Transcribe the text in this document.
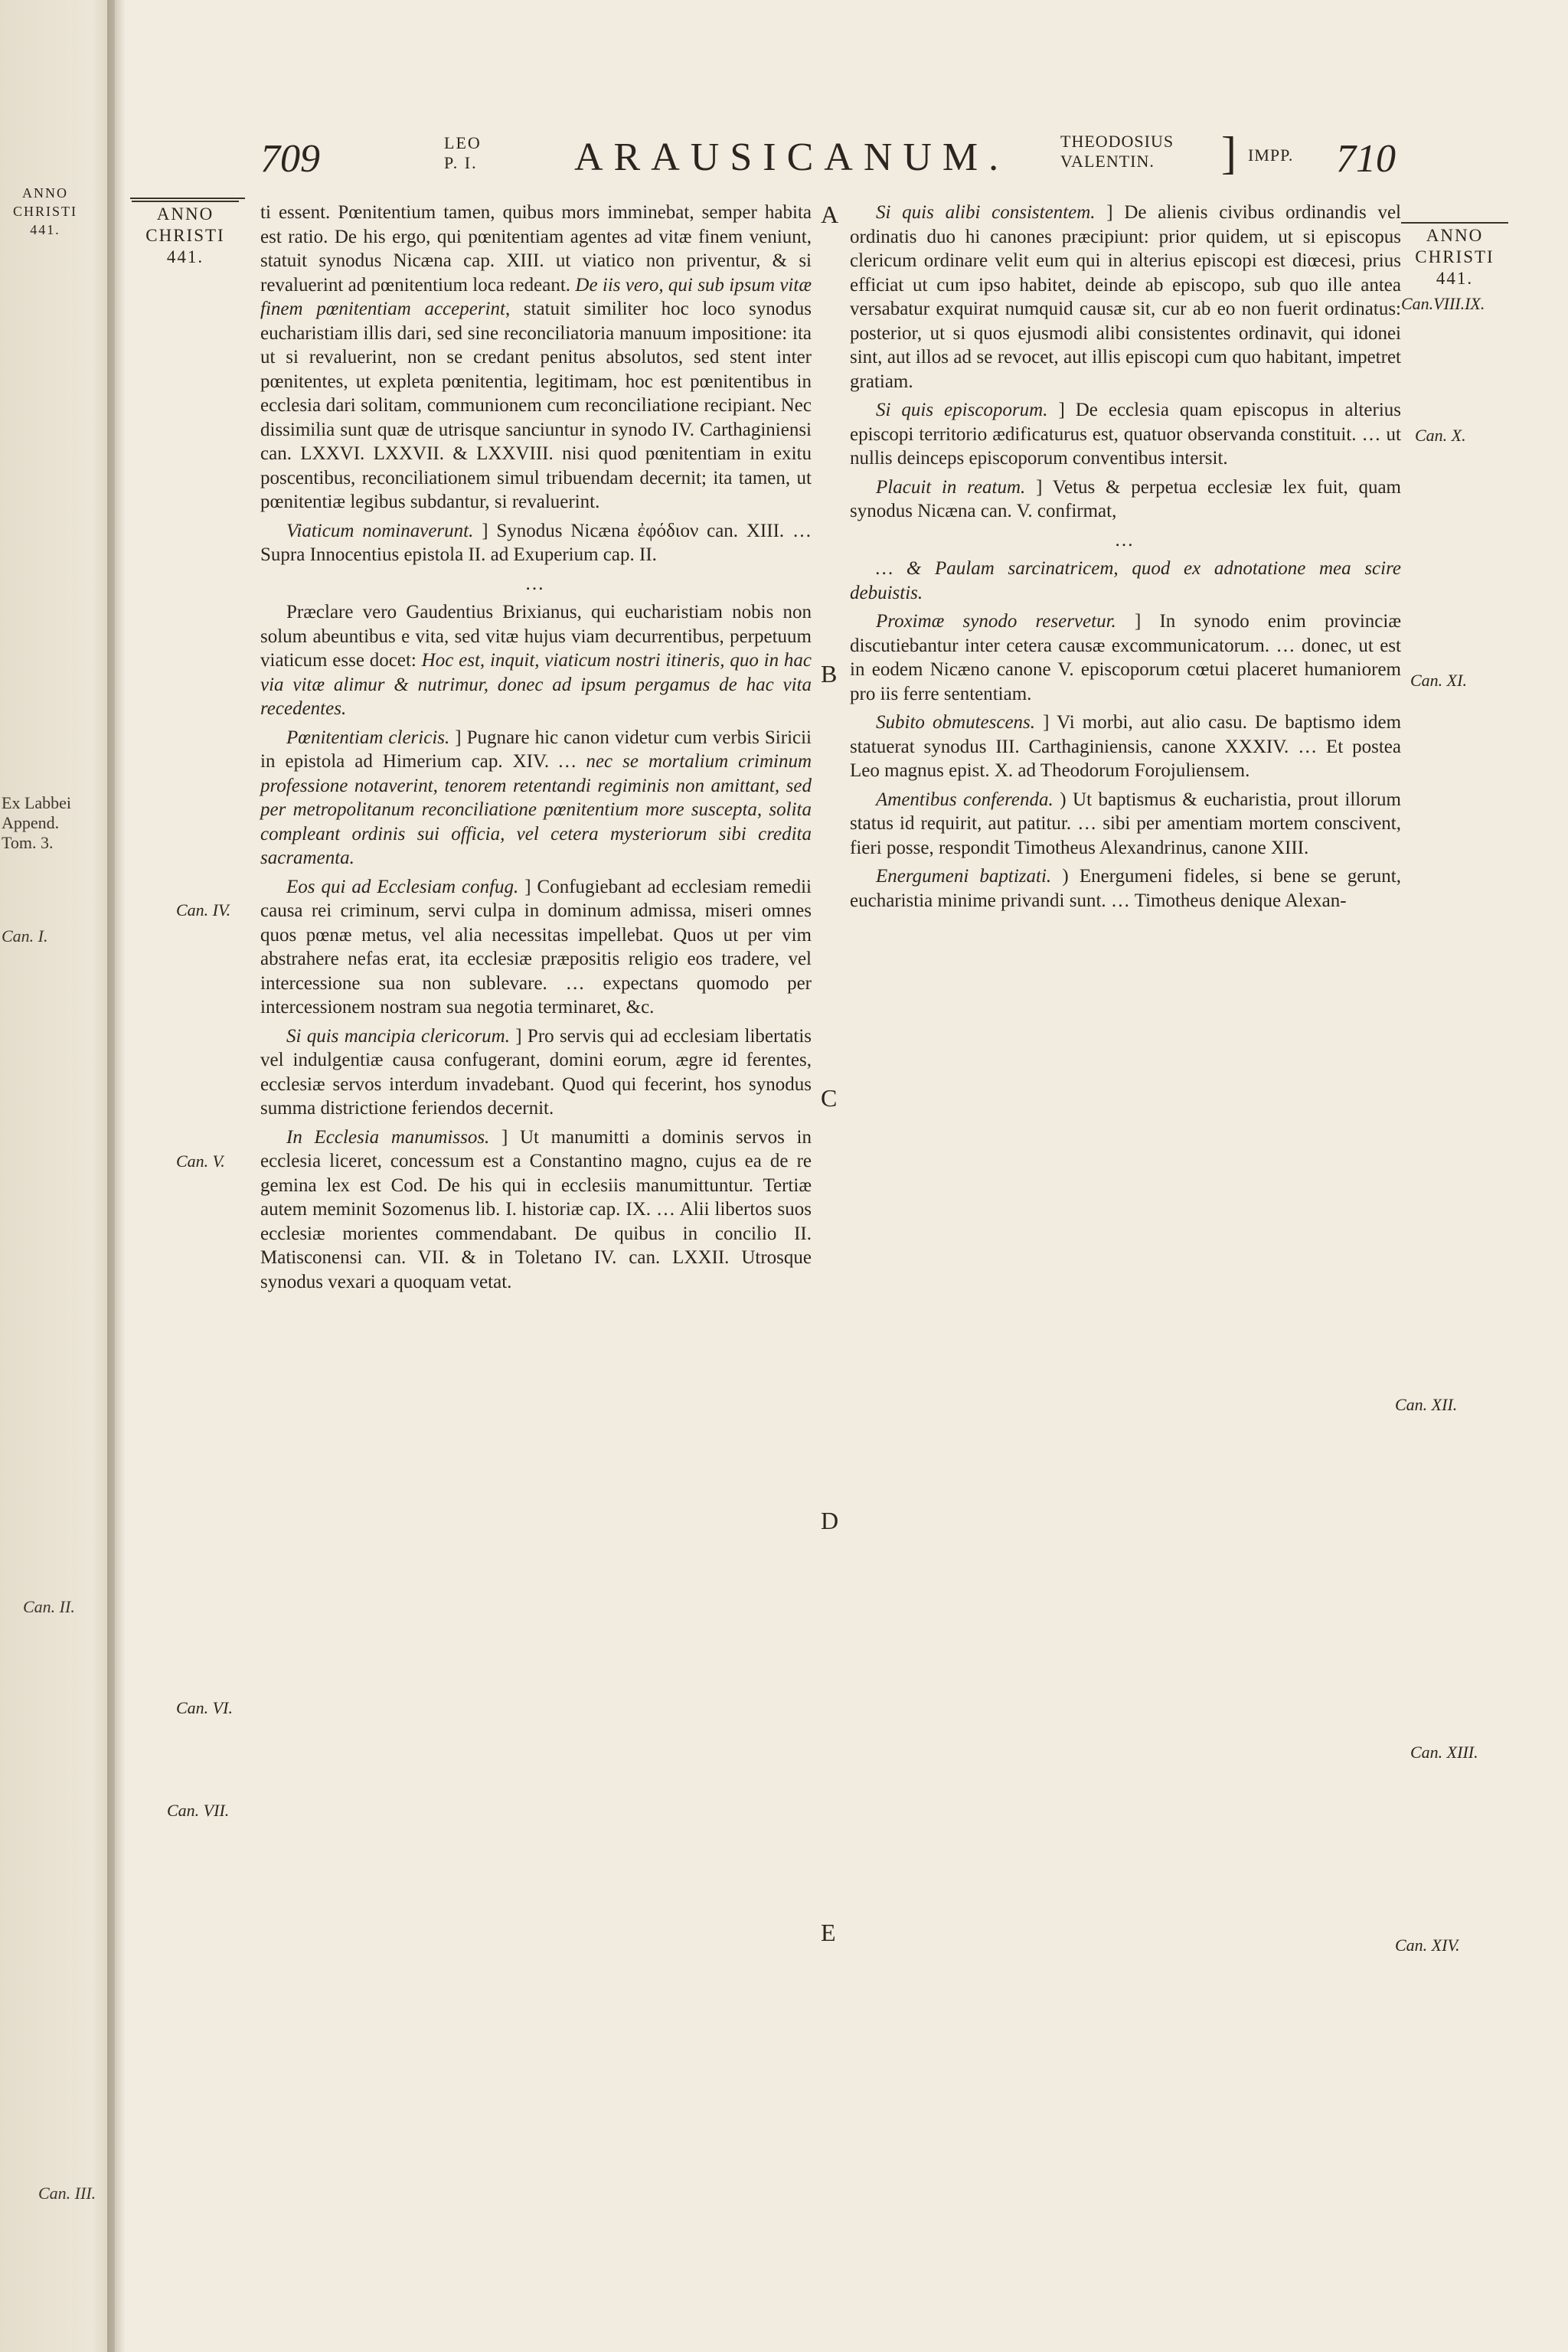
ANNO
CHRISTI
441.
Ex Labbei
Append.
Tom. 3.
Can. I.
Can. II.
Can. III.
709	LEO
P. I. ARAUSICANUM.	THEODOSIUS
VALENTIN.	] IMPP. 710
ANNO
CHRISTI
441.
ANNO
CHRISTI
441.
Can. IV.
Can. V.
Can. VI.
Can. VII.
Can.VIII.IX.
Can. X.
Can. XI.
Can. XII.
Can. XIII.
Can. XIV.
A
B
C
D
E

ti essent. Pœnitentium tamen, quibus mors imminebat, semper habita est ratio. De his ergo, qui pœnitentiam agentes ad vitæ finem veniunt, statuit synodus Nicæna cap. XIII. ut viatico non priventur, & si revaluerint ad pœnitentium loca redeant. De iis vero, qui sub ipsum vitæ finem pœnitentiam acceperint, statuit similiter hoc loco synodus eucharistiam illis dari, sed sine reconciliatoria manuum impositione: ita ut si revaluerint, non se credant penitus absolutos, sed stent inter pœnitentes, ut expleta pœnitentia, legitimam, hoc est pœnitentibus in ecclesia dari solitam, communionem cum reconciliatione recipiant. Nec dissimilia sunt quæ de utrisque sanciuntur in synodo IV. Carthaginiensi can. LXXVI. LXXVII. & LXXVIII. nisi quod pœnitentiam in exitu poscentibus, reconciliationem simul tribuendam decernit; ita tamen, ut pœnitentiæ legibus subdantur, si revaluerint.

Viaticum nominaverunt. ] Synodus Nicæna ἐφόδιον can. XIII. … Supra Innocentius epistola II. ad Exuperium cap. II.

…

Præclare vero Gaudentius Brixianus, qui eucharistiam nobis non solum abeuntibus e vita, sed vitæ hujus viam decurrentibus, perpetuum viaticum esse docet: Hoc est, inquit, viaticum nostri itineris, quo in hac via vitæ alimur & nutrimur, donec ad ipsum pergamus de hac vita recedentes.

Pœnitentiam clericis. ] Pugnare hic canon videtur cum verbis Siricii in epistola ad Himerium cap. XIV. … nec se mortalium criminum professione notaverint, tenorem retentandi regiminis non amittant, sed per metropolitanum reconciliatione pœnitentium more suscepta, solita compleant ordinis sui officia, vel cetera mysteriorum sibi credita sacramenta.

Eos qui ad Ecclesiam confug. ] Confugiebant ad ecclesiam remedii causa rei criminum, servi culpa in dominum admissa, miseri omnes quos pœnæ metus, vel alia necessitas impellebat. Quos ut per vim abstrahere nefas erat, ita ecclesiæ præpositis religio eos tradere, vel intercessione sua non sublevare. … expectans quomodo per intercessionem nostram sua negotia terminaret, &c.

Si quis mancipia clericorum. ] Pro servis qui ad ecclesiam libertatis vel indulgentiæ causa confugerant, domini eorum, ægre id ferentes, ecclesiæ servos interdum invadebant. Quod qui fecerint, hos synodus summa districtione feriendos decernit.

In Ecclesia manumissos. ] Ut manumitti a dominis servos in ecclesia liceret, concessum est a Constantino magno, cujus ea de re gemina lex est Cod. De his qui in ecclesiis manumittuntur. Tertiæ autem meminit Sozomenus lib. I. historiæ cap. IX. … Alii libertos suos ecclesiæ morientes commendabant. De quibus in concilio II. Matisconensi can. VII. & in Toletano IV. can. LXXII. Utrosque synodus vexari a quoquam vetat.

Si quis alibi consistentem. ] De alienis civibus ordinandis vel ordinatis duo hi canones præcipiunt: prior quidem, ut si episcopus clericum ordinare velit eum qui in alterius episcopi est diœcesi, prius efficiat ut cum ipso habitet, deinde ab episcopo, sub quo ille antea versabatur exquirat numquid causæ sit, cur ab eo non fuerit ordinatus: posterior, ut si quos ejusmodi alibi consistentes ordinavit, qui idonei sint, aut illos ad se revocet, aut illis episcopi cum quo habitant, impetret gratiam.

Si quis episcoporum. ] De ecclesia quam episcopus in alterius episcopi territorio ædificaturus est, quatuor observanda constituit. … ut nullis deinceps episcoporum conventibus intersit.

Placuit in reatum. ] Vetus & perpetua ecclesiæ lex fuit, quam synodus Nicæna can. V. confirmat,

…

… & Paulam sarcinatricem, quod ex adnotatione mea scire debuistis.

Proximæ synodo reservetur. ] In synodo enim provinciæ discutiebantur inter cetera causæ excommunicatorum. … donec, ut est in eodem Nicæno canone V. episcoporum cœtui placeret humaniorem pro iis ferre sententiam.

Subito obmutescens. ] Vi morbi, aut alio casu. De baptismo idem statuerat synodus III. Carthaginiensis, canone XXXIV. … Et postea Leo magnus epist. X. ad Theodorum Forojuliensem.

Amentibus conferenda. ) Ut baptismus & eucharistia, prout illorum status id requirit, aut patitur. … sibi per amentiam mortem conscivent, fieri posse, respondit Timotheus Alexandrinus, canone XIII.

Energumeni baptizati. ) Energumeni fideles, si bene se gerunt, eucharistia minime privandi sunt. … Timotheus denique Alexan-
